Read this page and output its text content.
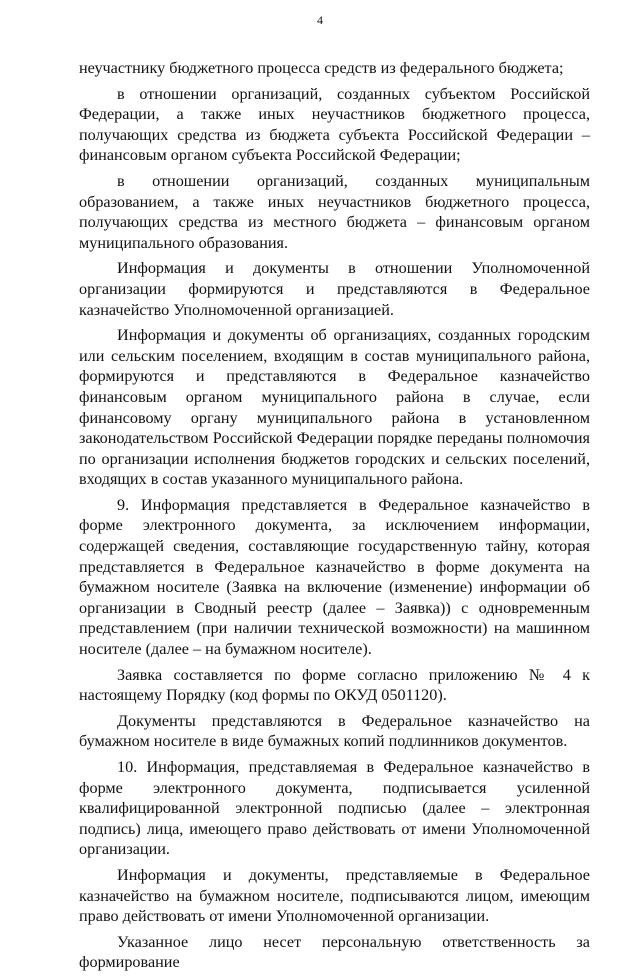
4

неучастнику бюджетного процесса средств из федерального бюджета;

в отношении организаций, созданных субъектом Российской Федерации, а также иных неучастников бюджетного процесса, получающих средства из бюджета субъекта Российской Федерации – финансовым органом субъекта Российской Федерации;

в отношении организаций, созданных муниципальным образованием, а также иных неучастников бюджетного процесса, получающих средства из местного бюджета – финансовым органом муниципального образования.

Информация и документы в отношении Уполномоченной организации формируются и представляются в Федеральное казначейство Уполномоченной организацией.

Информация и документы об организациях, созданных городским или сельским поселением, входящим в состав муниципального района, формируются и представляются в Федеральное казначейство финансовым органом муниципального района в случае, если финансовому органу муниципального района в установленном законодательством Российской Федерации порядке переданы полномочия по организации исполнения бюджетов городских и сельских поселений, входящих в состав указанного муниципального района.

9. Информация представляется в Федеральное казначейство в форме электронного документа, за исключением информации, содержащей сведения, составляющие государственную тайну, которая представляется в Федеральное казначейство в форме документа на бумажном носителе (Заявка на включение (изменение) информации об организации в Сводный реестр (далее – Заявка)) с одновременным представлением (при наличии технической возможности) на машинном носителе (далее – на бумажном носителе).

Заявка составляется по форме согласно приложению № 4 к настоящему Порядку (код формы по ОКУД 0501120).

Документы представляются в Федеральное казначейство на бумажном носителе в виде бумажных копий подлинников документов.

10. Информация, представляемая в Федеральное казначейство в форме электронного документа, подписывается усиленной квалифицированной электронной подписью (далее – электронная подпись) лица, имеющего право действовать от имени Уполномоченной организации.

Информация и документы, представляемые в Федеральное казначейство на бумажном носителе, подписываются лицом, имеющим право действовать от имени Уполномоченной организации.

Указанное лицо несет персональную ответственность за формирование
